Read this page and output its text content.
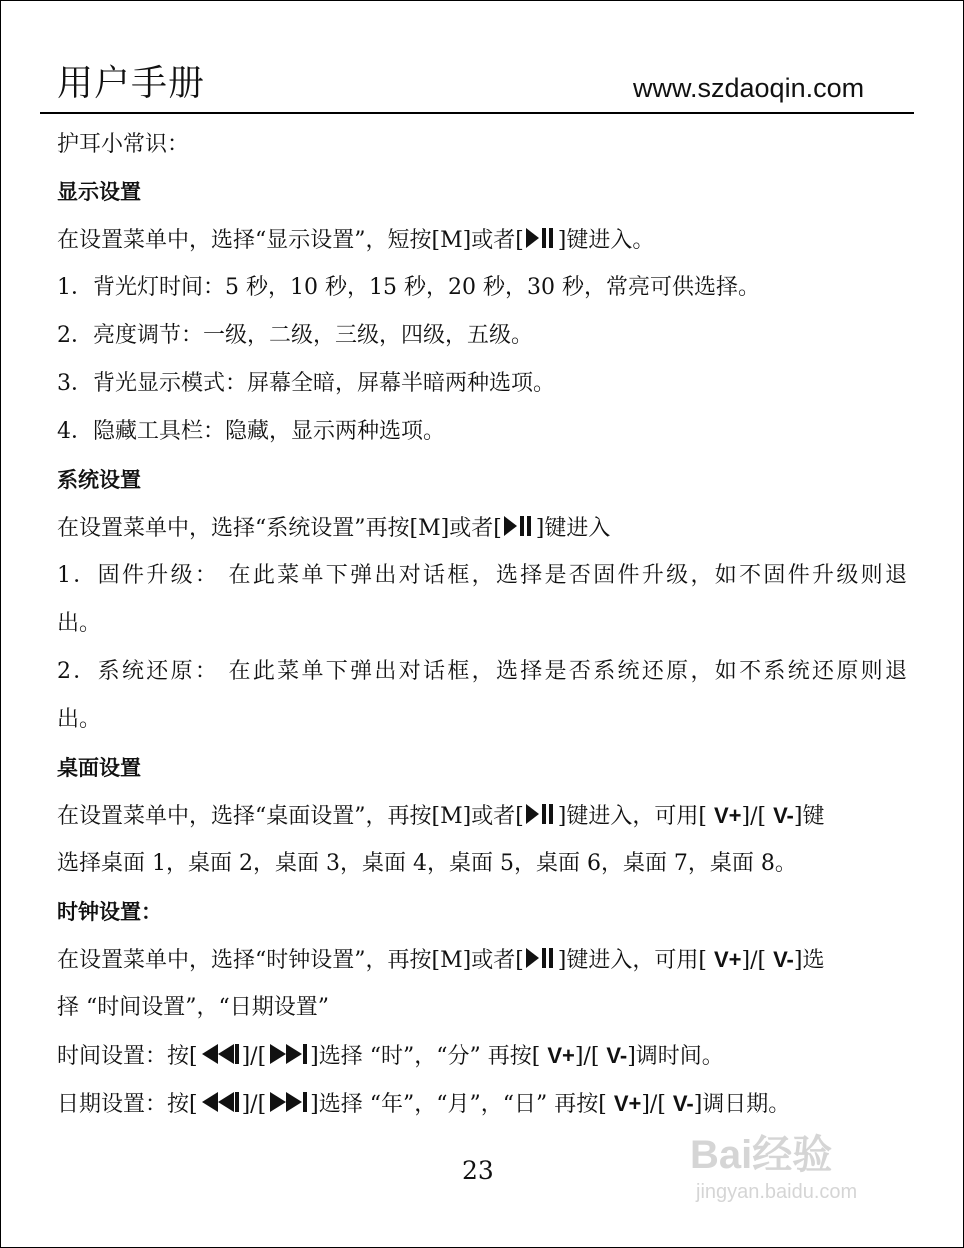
用户手册	www.szdaoqin.com
护耳小常识：
显示设置
在设置菜单中，选择“显示设置”，短按[M]或者[ ]键进入。
1．背光灯时间：5 秒，10 秒，15 秒，20 秒，30 秒，常亮可供选择。
2．亮度调节：一级，二级，三级，四级，五级。
3．背光显示模式：屏幕全暗，屏幕半暗两种选项。
4．隐藏工具栏：隐藏，显示两种选项。
系统设置
在设置菜单中，选择“系统设置”再按[M]或者[ ]键进入
1．固件升级： 在此菜单下弹出对话框，选择是否固件升级，如不固件升级则退
出。
2．系统还原： 在此菜单下弹出对话框，选择是否系统还原，如不系统还原则退
出。
桌面设置
在设置菜单中，选择“桌面设置”，再按[M]或者[ ]键进入，可用[ V+]/[ V-]键
选择桌面 1，桌面 2，桌面 3，桌面 4，桌面 5，桌面 6，桌面 7，桌面 8。
时钟设置：
在设置菜单中，选择“时钟设置”，再按[M]或者[ ]键进入，可用[ V+]/[ V-]选
择 “时间设置”，“日期设置”
时间设置：按[ ]/[ ]选择 “时”，“分” 再按[ V+]/[ V-]调时间。
日期设置：按[ ]/[ ]选择 “年”，“月”，“日” 再按[ V+]/[ V-]调日期。
23	Bai经验
jingyan.baidu.com
